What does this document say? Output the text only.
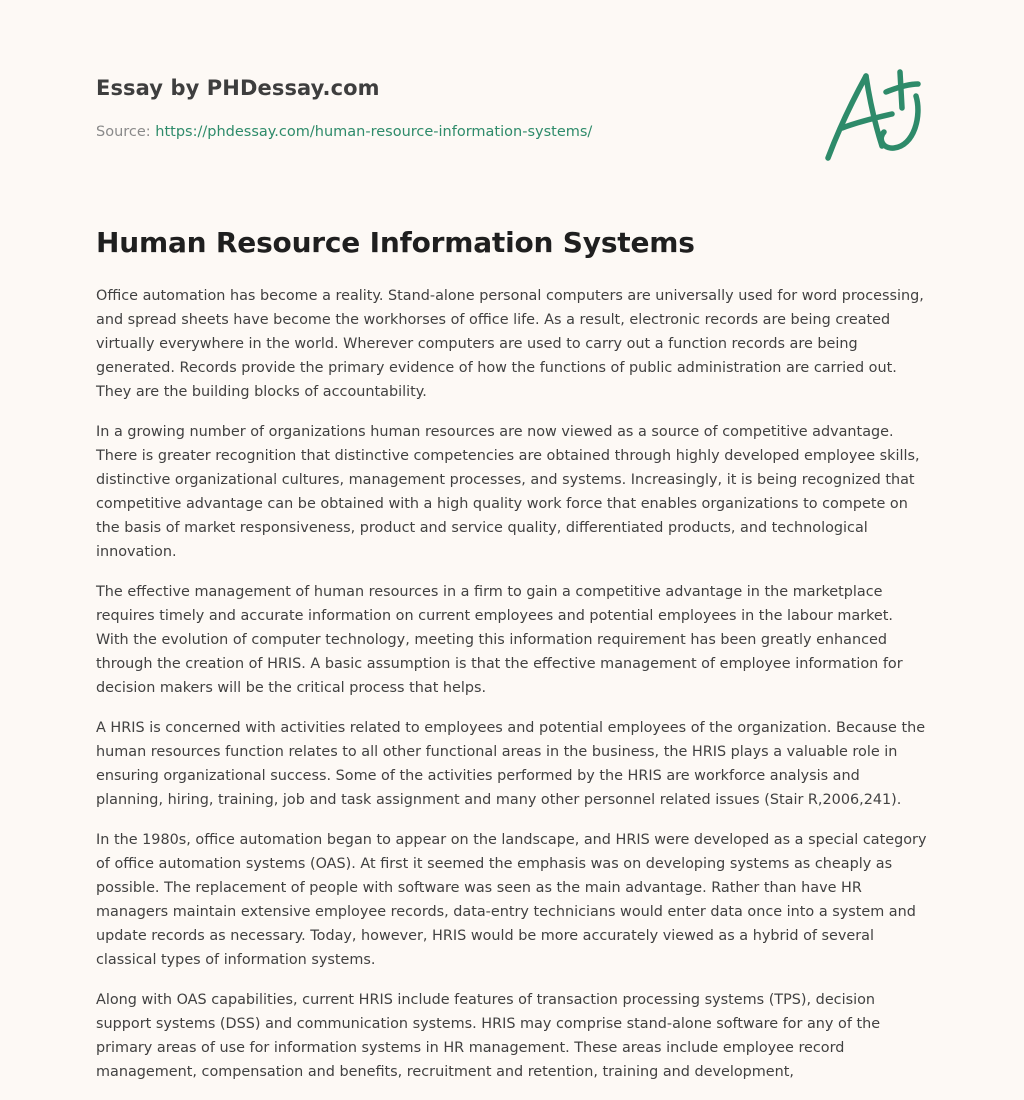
Essay by PHDessay.com
Source: https://phdessay.com/human-resource-information-systems/
Human Resource Information Systems

Office automation has become a reality. Stand-alone personal computers are universally used for word processing, and spread sheets have become the workhorses of office life. As a result, electronic records are being created virtually everywhere in the world. Wherever computers are used to carry out a function records are being generated. Records provide the primary evidence of how the functions of public administration are carried out. They are the building blocks of accountability.

In a growing number of organizations human resources are now viewed as a source of competitive advantage. There is greater recognition that distinctive competencies are obtained through highly developed employee skills, distinctive organizational cultures, management processes, and systems. Increasingly, it is being recognized that competitive advantage can be obtained with a high quality work force that enables organizations to compete on the basis of market responsiveness, product and service quality, differentiated products, and technological innovation.

The effective management of human resources in a firm to gain a competitive advantage in the marketplace requires timely and accurate information on current employees and potential employees in the labour market. With the evolution of computer technology, meeting this information requirement has been greatly enhanced through the creation of HRIS. A basic assumption is that the effective management of employee information for decision makers will be the critical process that helps.

A HRIS is concerned with activities related to employees and potential employees of the organization. Because the human resources function relates to all other functional areas in the business, the HRIS plays a valuable role in ensuring organizational success. Some of the activities performed by the HRIS are workforce analysis and planning, hiring, training, job and task assignment and many other personnel related issues (Stair R,2006,241).

In the 1980s, office automation began to appear on the landscape, and HRIS were developed as a special category of office automation systems (OAS). At first it seemed the emphasis was on developing systems as cheaply as possible. The replacement of people with software was seen as the main advantage. Rather than have HR managers maintain extensive employee records, data-entry technicians would enter data once into a system and update records as necessary. Today, however, HRIS would be more accurately viewed as a hybrid of several classical types of information systems.

Along with OAS capabilities, current HRIS include features of transaction processing systems (TPS), decision support systems (DSS) and communication systems. HRIS may comprise stand-alone software for any of the primary areas of use for information systems in HR management. These areas include employee record management, compensation and benefits, recruitment and retention, training and development,
